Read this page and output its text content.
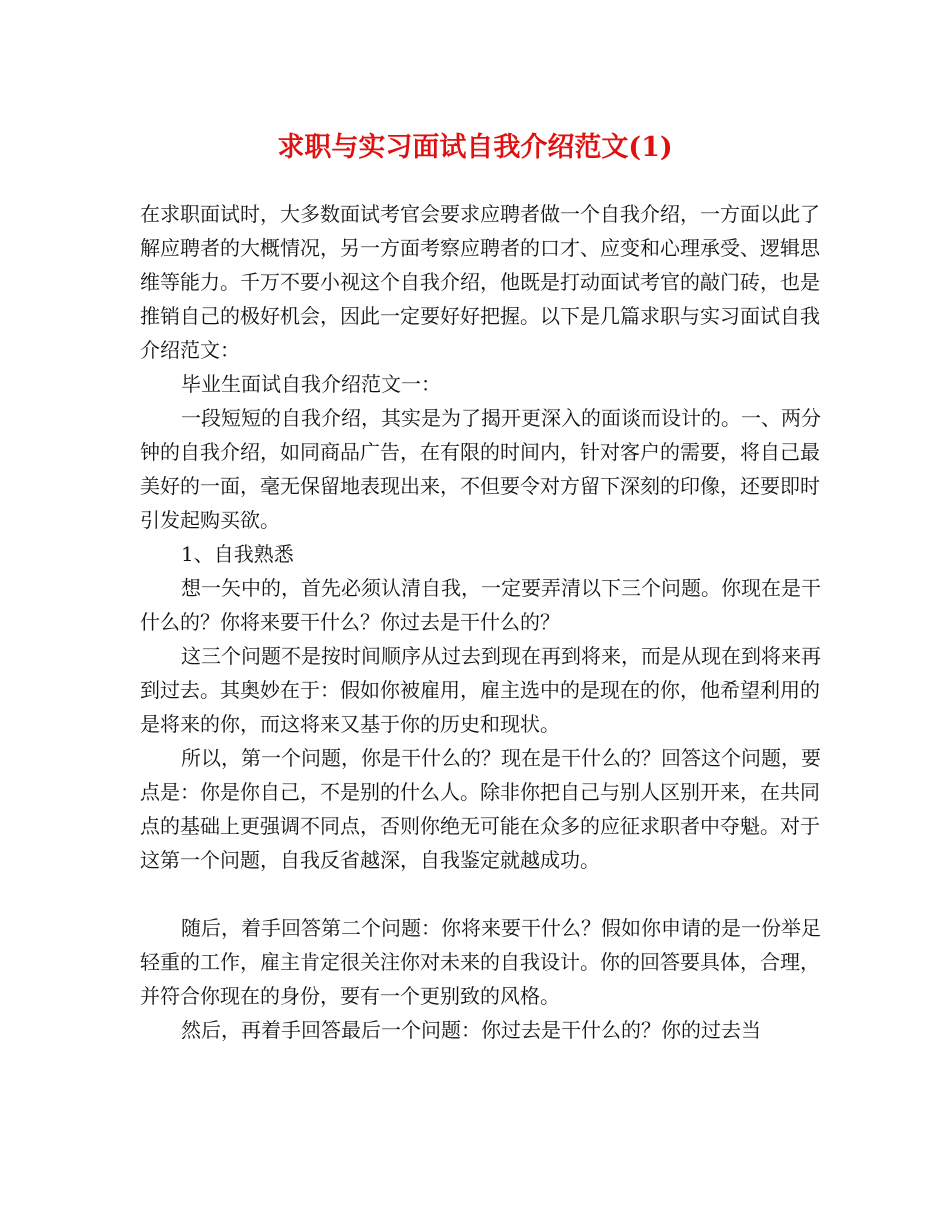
求职与实习面试自我介绍范文(1)

在求职面试时，大多数面试考官会要求应聘者做一个自我介绍，一方面以此了解应聘者的大概情况，另一方面考察应聘者的口才、应变和心理承受、逻辑思维等能力。千万不要小视这个自我介绍，他既是打动面试考官的敲门砖，也是推销自己的极好机会，因此一定要好好把握。以下是几篇求职与实习面试自我介绍范文：

毕业生面试自我介绍范文一：

一段短短的自我介绍，其实是为了揭开更深入的面谈而设计的。一、两分钟的自我介绍，如同商品广告，在有限的时间内，针对客户的需要，将自己最美好的一面，毫无保留地表现出来，不但要令对方留下深刻的印像，还要即时引发起购买欲。

1、自我熟悉

想一矢中的，首先必须认清自我，一定要弄清以下三个问题。你现在是干什么的？你将来要干什么？你过去是干什么的？

这三个问题不是按时间顺序从过去到现在再到将来，而是从现在到将来再到过去。其奥妙在于：假如你被雇用，雇主选中的是现在的你，他希望利用的是将来的你，而这将来又基于你的历史和现状。

所以，第一个问题，你是干什么的？现在是干什么的？回答这个问题，要点是：你是你自己，不是别的什么人。除非你把自己与别人区别开来，在共同点的基础上更强调不同点，否则你绝无可能在众多的应征求职者中夺魁。对于这第一个问题，自我反省越深，自我鉴定就越成功。

随后，着手回答第二个问题：你将来要干什么？假如你申请的是一份举足轻重的工作，雇主肯定很关注你对未来的自我设计。你的回答要具体，合理，并符合你现在的身份，要有一个更别致的风格。

然后，再着手回答最后一个问题：你过去是干什么的？你的过去当
